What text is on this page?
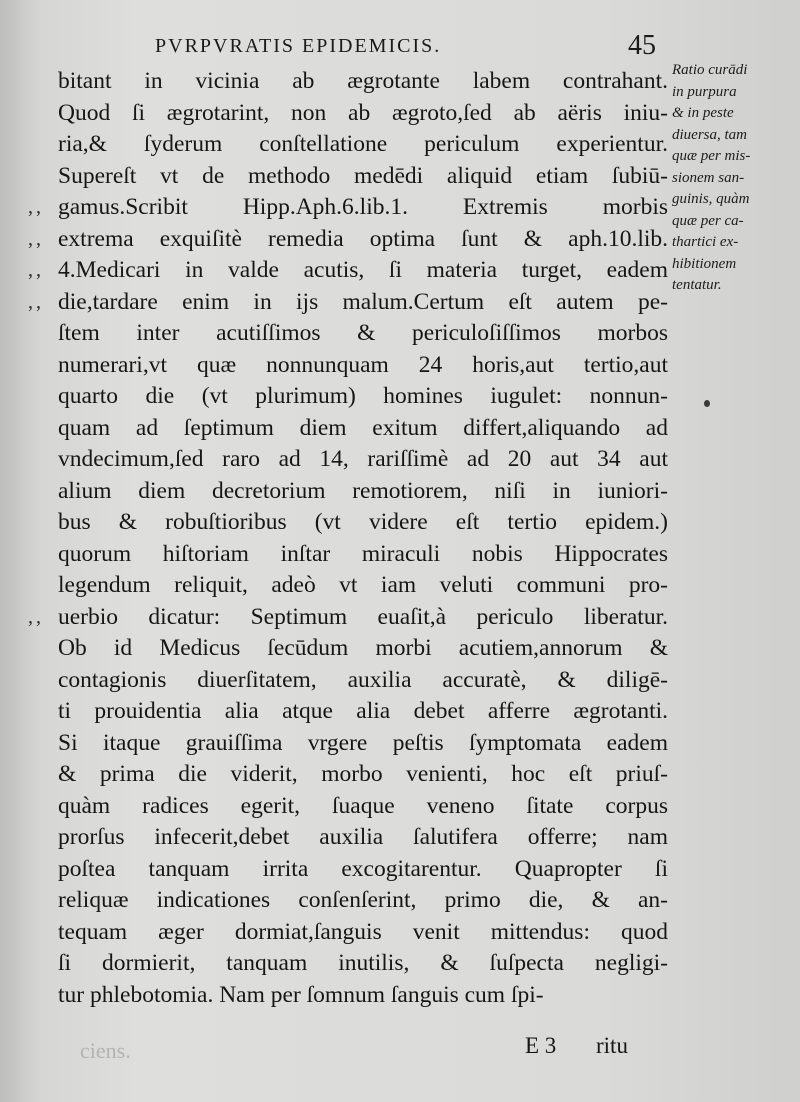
PVRPVRATIS EPIDEMICIS.	45
bitant in vicinia ab ægrotante labem contrahant.
Quod ſi ægrotarint, non ab ægroto,ſed ab aëris iniu-
ria,& ſyderum conſtellatione periculum experientur.
Supereſt vt de methodo medēdi aliquid etiam ſubiū-
, , gamus.Scribit Hipp.Aph.6.lib.1. Extremis morbis
, , extrema exquiſitè remedia optima ſunt & aph.10.lib.
, , 4.Medicari in valde acutis, ſi materia turget, eadem
, , die,tardare enim in ijs malum.Certum eſt autem pe-
ſtem inter acutiſſimos & periculoſiſſimos morbos
numerari,vt quæ nonnunquam 24 horis,aut tertio,aut
quarto die (vt plurimum) homines iugulet: nonnun-
quam ad ſeptimum diem exitum differt,aliquando ad
vndecimum,ſed raro ad 14, rariſſimè ad 20 aut 34 aut
alium diem decretorium remotiorem, niſi in iuniori-
bus & robuſtioribus (vt videre eſt tertio epidem.)
quorum hiſtoriam inſtar miraculi nobis Hippocrates
legendum reliquit, adeò vt iam veluti communi pro-
, , uerbio dicatur: Septimum euaſit,à periculo liberatur.
Ob id Medicus ſecūdum morbi acutiem,annorum &
contagionis diuerſitatem, auxilia accuratè, & diligē-
ti prouidentia alia atque alia debet afferre ægrotanti.
Si itaque grauiſſima vrgere peſtis ſymptomata eadem
& prima die viderit, morbo venienti, hoc eſt priuſ-
quàm radices egerit, ſuaque veneno ſitate corpus
prorſus infecerit,debet auxilia ſalutifera offerre; nam
poſtea tanquam irrita excogitarentur. Quapropter ſi
reliquæ indicationes conſenſerint, primo die, & an-
tequam æger dormiat,ſanguis venit mittendus: quod
ſi dormierit, tanquam inutilis, & ſuſpecta negligi-
tur phlebotomia. Nam per ſomnum ſanguis cum ſpi-
Ratio curādi
in purpura
& in peste
diuersa, tam
quæ per mis-
sionem san-
guinis, quàm
quæ per ca-
thartici ex-
hibitionem
tentatur.
ciens.	E 3 ritu
